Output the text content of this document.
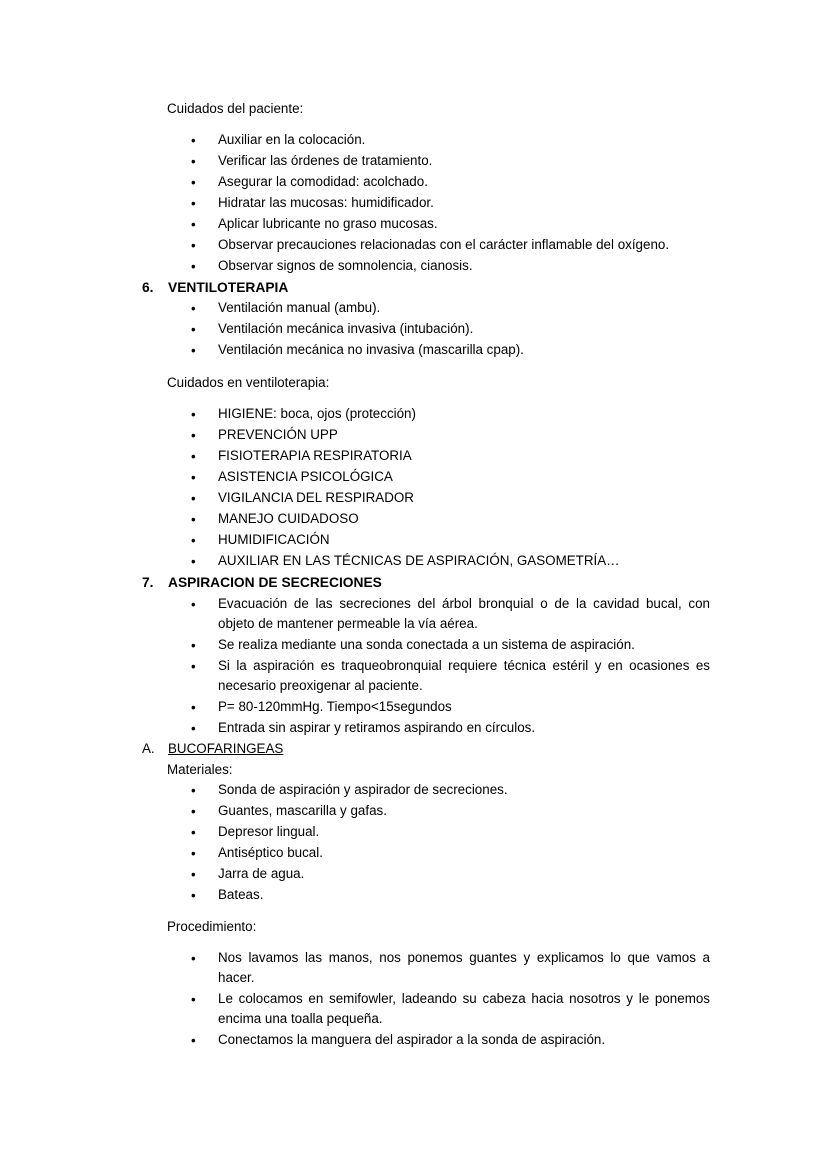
Cuidados del paciente:
•
Auxiliar en la colocación.
•
Verificar las órdenes de tratamiento.
•
Asegurar la comodidad: acolchado.
•
Hidratar las mucosas: humidificador.
•
Aplicar lubricante no graso mucosas.
•
Observar precauciones relacionadas con el carácter inflamable del oxígeno.
•
Observar signos de somnolencia, cianosis.
6. VENTILOTERAPIA
•
Ventilación manual (ambu).
•
Ventilación mecánica invasiva (intubación).
•
Ventilación mecánica no invasiva (mascarilla cpap).
Cuidados en ventiloterapia:
•
HIGIENE: boca, ojos (protección)
•
PREVENCIÓN UPP
•
FISIOTERAPIA RESPIRATORIA
•
ASISTENCIA PSICOLÓGICA
•
VIGILANCIA DEL RESPIRADOR
•
MANEJO CUIDADOSO
•
HUMIDIFICACIÓN
•
AUXILIAR EN LAS TÉCNICAS DE ASPIRACIÓN, GASOMETRÍA…
7. ASPIRACION DE SECRECIONES
•
Evacuación de las secreciones del árbol bronquial o de la cavidad bucal, con objeto de mantener permeable la vía aérea.
•
Se realiza mediante una sonda conectada a un sistema de aspiración.
•
Si la aspiración es traqueobronquial requiere técnica estéril y en ocasiones es necesario preoxigenar al paciente.
•
P= 80-120mmHg. Tiempo<15segundos
•
Entrada sin aspirar y retiramos aspirando en círculos.
A. BUCOFARINGEAS
Materiales:
•
Sonda de aspiración y aspirador de secreciones.
•
Guantes, mascarilla y gafas.
•
Depresor lingual.
•
Antiséptico bucal.
•
Jarra de agua.
•
Bateas.
Procedimiento:
•
Nos lavamos las manos, nos ponemos guantes y explicamos lo que vamos a hacer.
•
Le colocamos en semifowler, ladeando su cabeza hacia nosotros y le ponemos encima una toalla pequeña.
•
Conectamos la manguera del aspirador a la sonda de aspiración.
